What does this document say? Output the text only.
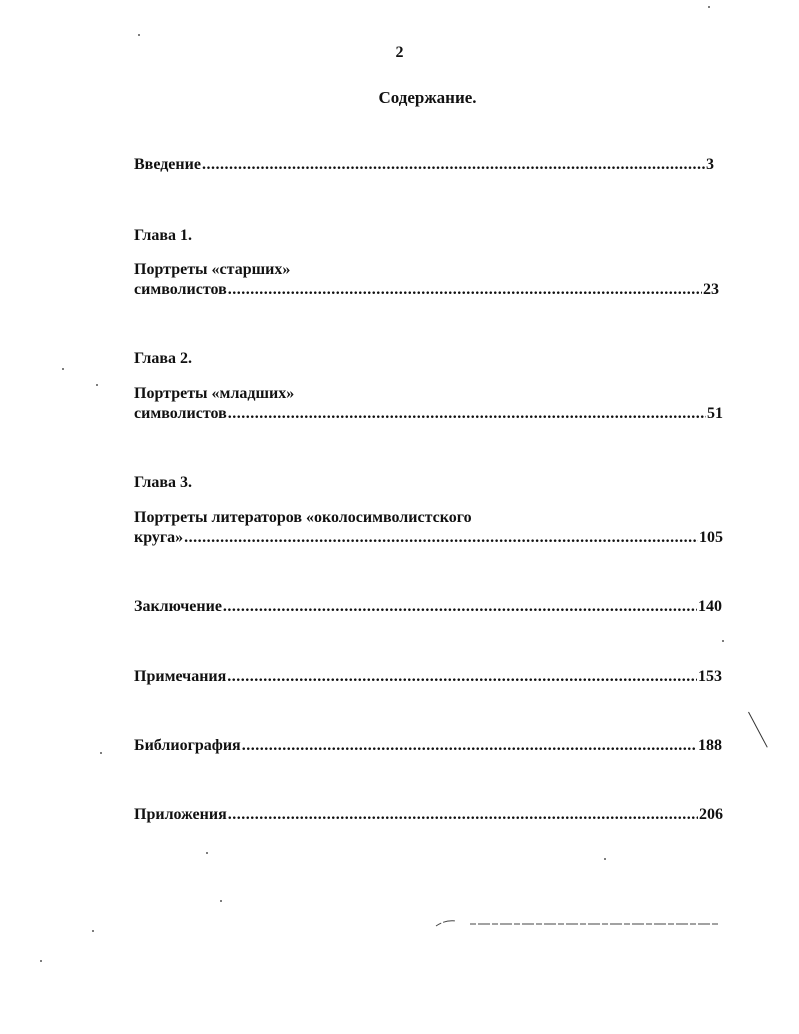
2
Содержание.
Введение .....	3
Глава 1.
Портреты «старших»
символистов .....	23
Глава 2.
Портреты «младших»
символистов .....	51
Глава 3.
Портреты литераторов «околосимволистского
круга» .....	105
Заключение .....	140
Примечания .....	153
Библиография .....	188
Приложения .....	206
